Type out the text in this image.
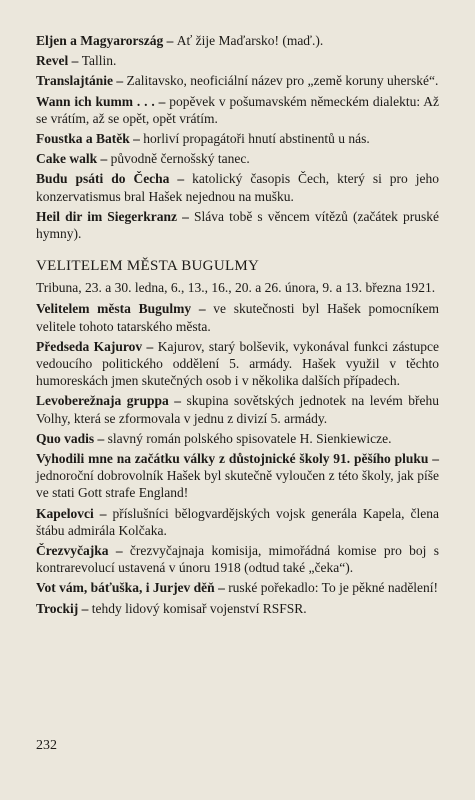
Eljen a Magyarország – Ať žije Maďarsko! (maď.).

Revel – Tallin.

Translajtánie – Zalitavsko, neoficiální název pro „země koruny uherské“.

Wann ich kumm . . . – popěvek v pošumavském německém dialektu: Až se vrátím, až se opět, opět vrátím.

Foustka a Batěk – horliví propagátoři hnutí abstinentů u nás.

Cake walk – původně černošský tanec.

Budu psáti do Čecha – katolický časopis Čech, který si pro jeho konzervatismus bral Hašek nejednou na mušku.

Heil dir im Siegerkranz – Sláva tobě s věncem vítězů (začátek pruské hymny).

VELITELEM MĚSTA BUGULMY

Tribuna, 23. a 30. ledna, 6., 13., 16., 20. a 26. února, 9. a 13. března 1921.

Velitelem města Bugulmy – ve skutečnosti byl Hašek pomocníkem velitele tohoto tatarského města.

Předseda Kajurov – Kajurov, starý bolševik, vykonával funkci zástupce vedoucího politického oddělení 5. armády. Hašek využil v těchto humoreskách jmen skutečných osob i v několika dalších případech.

Levoberežnaja gruppa – skupina sovětských jednotek na levém břehu Volhy, která se zformovala v jednu z divizí 5. armády.

Quo vadis – slavný román polského spisovatele H. Sienkiewicze.

Vyhodili mne na začátku války z důstojnické školy 91. pěšího pluku – jednoroční dobrovolník Hašek byl skutečně vyloučen z této školy, jak píše ve stati Gott strafe England!

Kapelovci – příslušníci bělogvardějských vojsk generála Kapela, člena štábu admirála Kolčaka.

Črezvyčajka – črezvyčajnaja komisija, mimořádná komise pro boj s kontrarevolucí ustavená v únoru 1918 (odtud také „čeka“).

Vot vám, báťuška, i Jurjev děň – ruské pořekadlo: To je pěkné nadělení!

Trockij – tehdy lidový komisař vojenství RSFSR.

232
